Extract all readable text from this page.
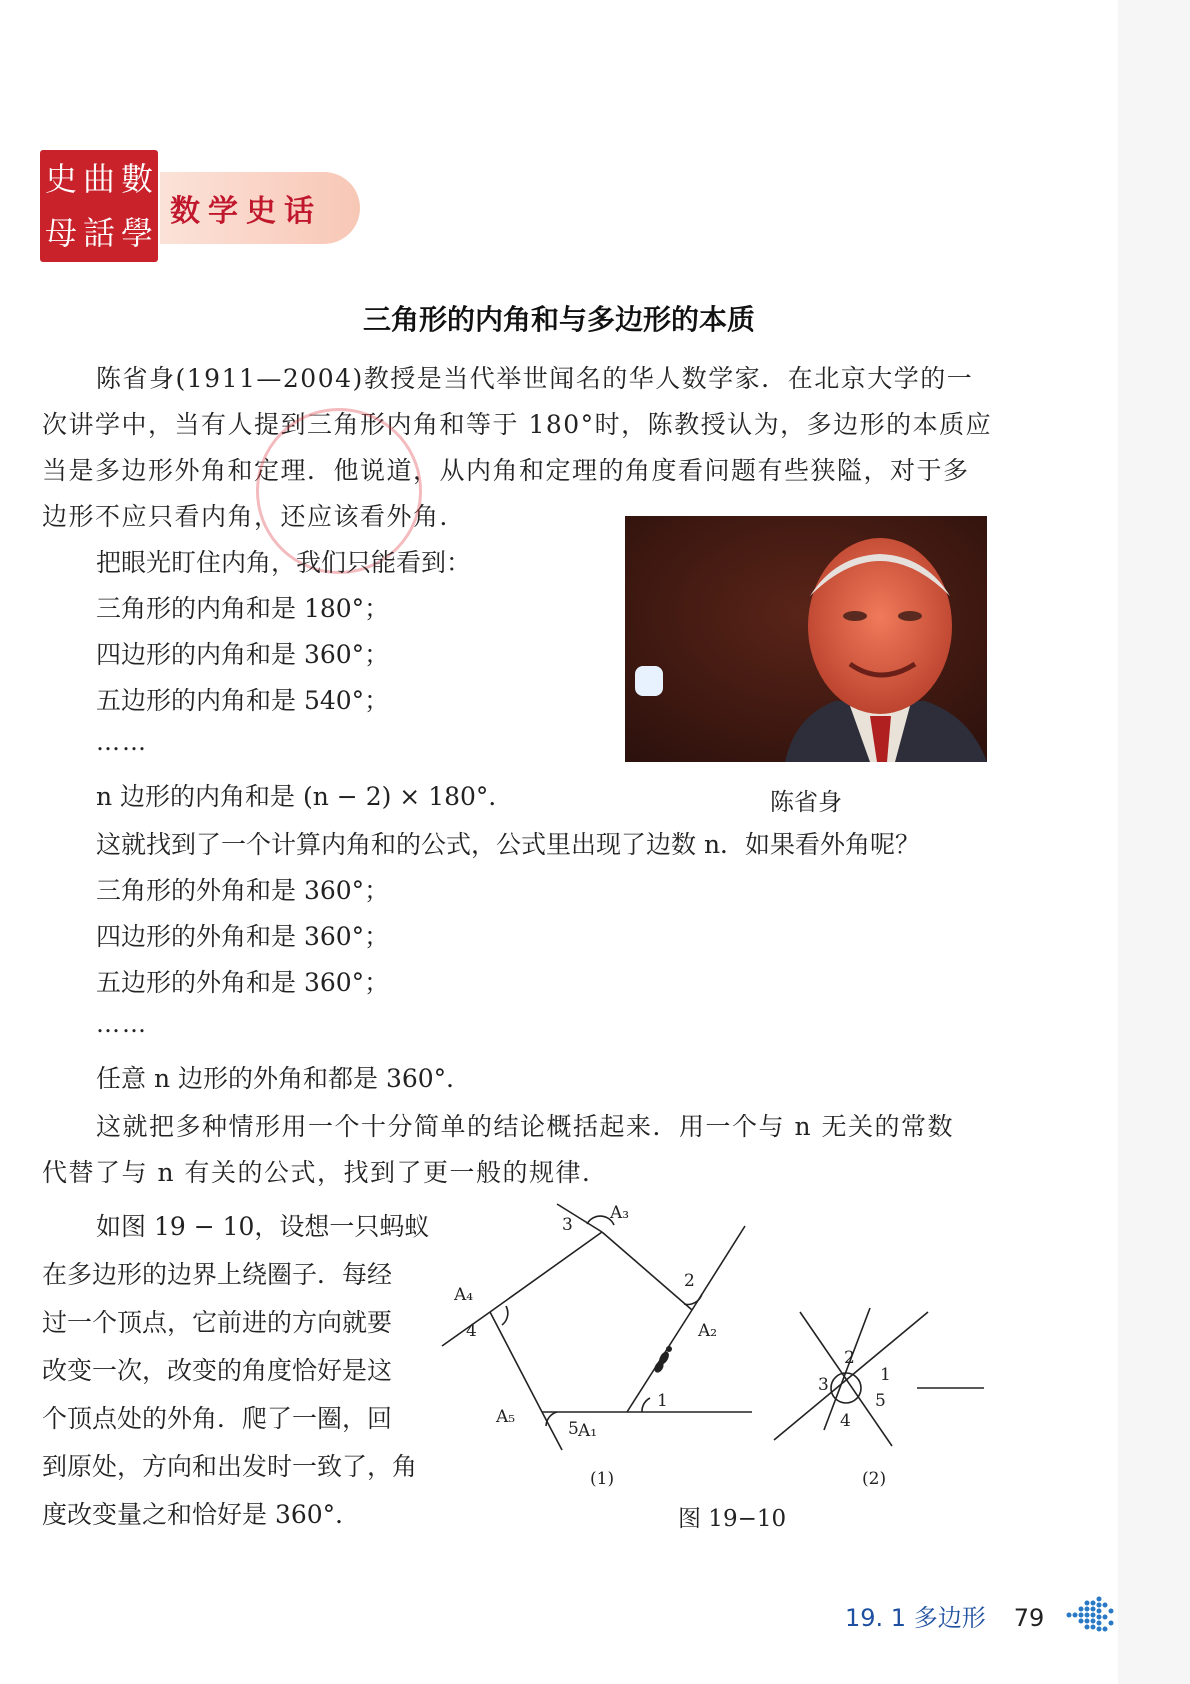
史 曲 數
母 話 學
数学史话
三角形的内角和与多边形的本质
陈省身(1911—2004)教授是当代举世闻名的华人数学家．在北京大学的一
次讲学中，当有人提到三角形内角和等于 180°时，陈教授认为，多边形的本质应
当是多边形外角和定理．他说道，从内角和定理的角度看问题有些狭隘，对于多
边形不应只看内角，还应该看外角．
把眼光盯住内角，我们只能看到：
三角形的内角和是 180°；
四边形的内角和是 360°；
五边形的内角和是 540°；
……
n 边形的内角和是 (n − 2) × 180°．	陈省身
这就找到了一个计算内角和的公式，公式里出现了边数 n．如果看外角呢？
三角形的外角和是 360°；
四边形的外角和是 360°；
五边形的外角和是 360°；
……
任意 n 边形的外角和都是 360°．
这就把多种情形用一个十分简单的结论概括起来．用一个与 n 无关的常数
代替了与 n 有关的公式，找到了更一般的规律．
如图 19 − 10，设想一只蚂蚁
在多边形的边界上绕圈子．每经
过一个顶点，它前进的方向就要
改变一次，改变的角度恰好是这
个顶点处的外角．爬了一圈，回
到原处，方向和出发时一致了，角
度改变量之和恰好是 360°．
A₁
A₂
A₃
A₄
A₅
1
2
3
4
5
(1)
1
2
3
4
5
(2)
图 19−10
19. 1 多边形 79
